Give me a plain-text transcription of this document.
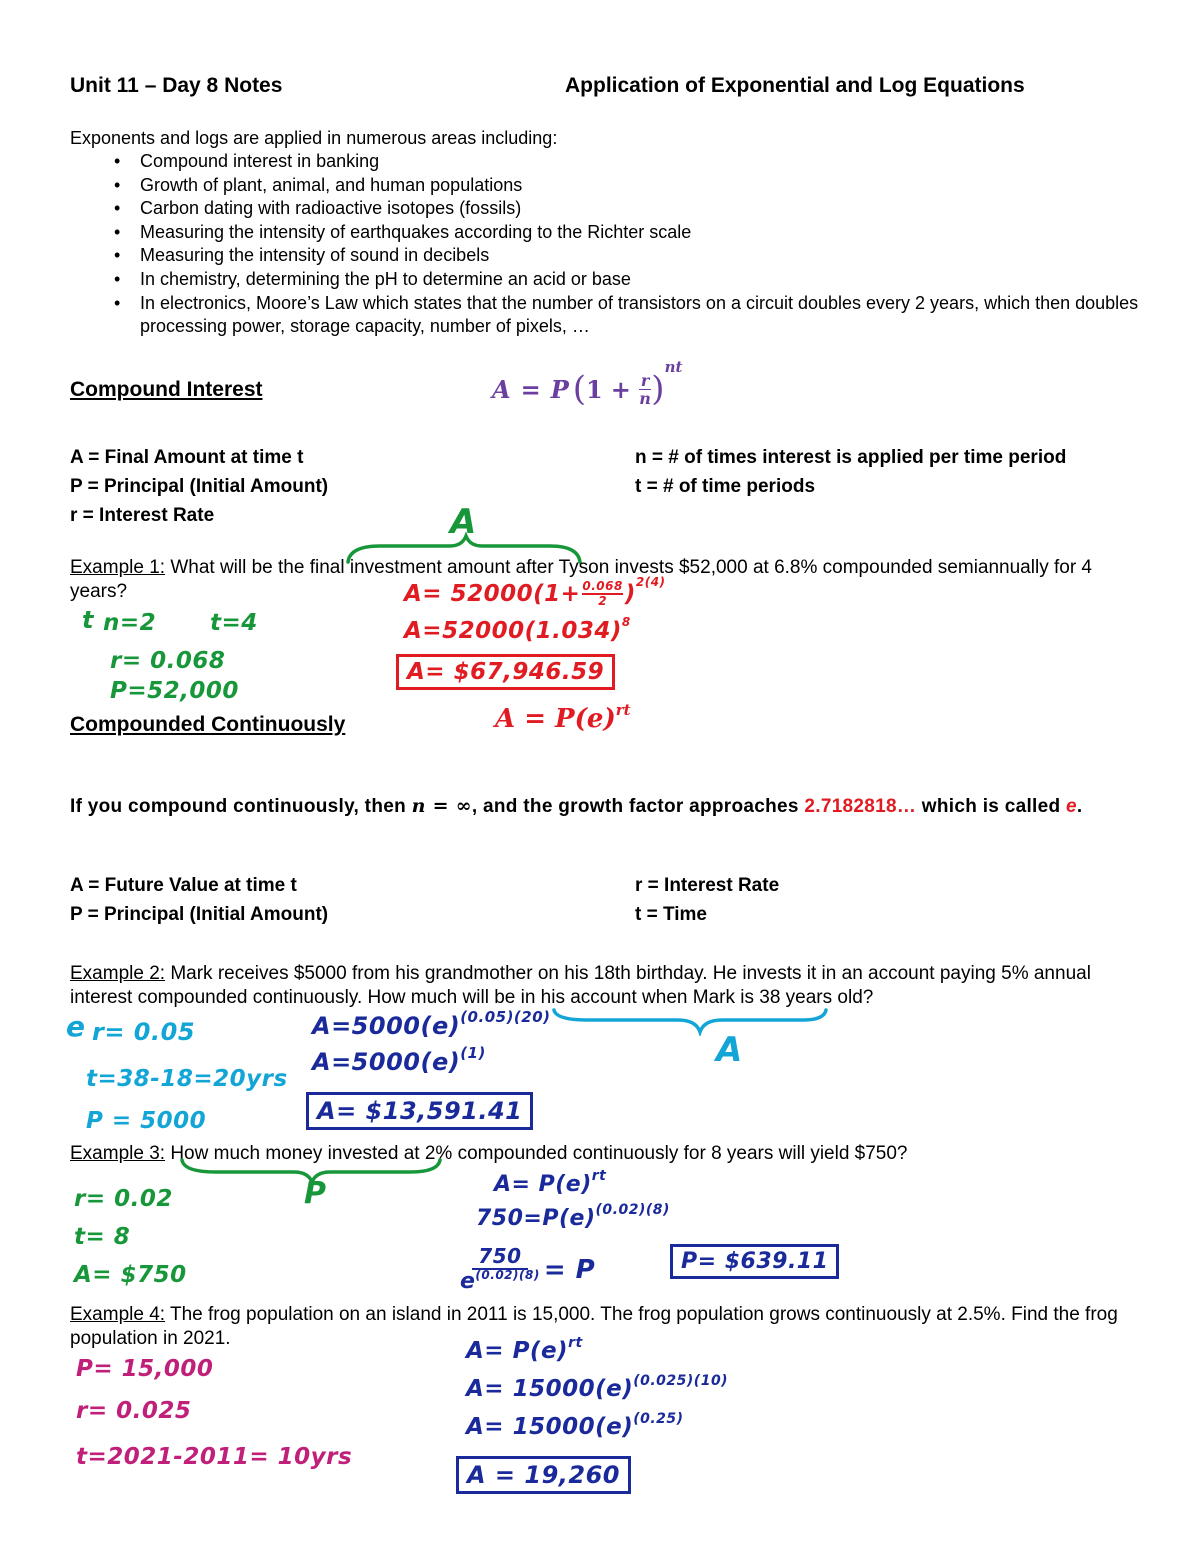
Unit 11 – Day 8 Notes	Application of Exponential and Log Equations
Exponents and logs are applied in numerous areas including:
• Compound interest in banking
• Growth of plant, animal, and human populations
• Carbon dating with radioactive isotopes (fossils)
• Measuring the intensity of earthquakes according to the Richter scale
• Measuring the intensity of sound in decibels
• In chemistry, determining the pH to determine an acid or base
• In electronics, Moore’s Law which states that the number of transistors on a circuit doubles every 2 years, which then doubles processing power, storage capacity, number of pixels, …
Compound Interest	A = P ( $1 + \frac{r}{n}$ )
nt
A = Final Amount at time t
P = Principal (Initial Amount)
r = Interest Rate
n = # of times interest is applied per time period
t = # of time periods
A
Example 1: What will be the final investment amount after Tyson invests $52,000 at 6.8% compounded semiannually for 4 years?
t n=2 t=4
r= 0.068
P=52,000
$A= 52000(1+ \frac{0.068}{2}$ ) 2(4)
$A=52000(1.034)^8$
A= $67,946.59
Compounded Continuously	$A = P(e)^{rt}$
If you compound continuously, then n = ∞, and the growth factor approaches 2.7182818… which is called e.
A = Future Value at time t
P = Principal (Initial Amount)
r = Interest Rate
t = Time
Example 2: Mark receives $5000 from his grandmother on his 18th birthday. He invests it in an account paying 5% annual interest compounded continuously. How much will be in his account when Mark is 38 years old?
A
e r= 0.05
t=38-18=20yrs
P = 5000
$A=5000(e)^{(0.05)(20)}$
$A=5000(e)^{(1)}$
A= $13,591.41
Example 3: How much money invested at 2% compounded continuously for 8 years will yield $750?
P
r= 0.02
t= 8
A= $750
$A= P(e)^{rt}$
$750=P(e)^{(0.02)(8)}$
$\frac{750}{e^{(0.02)(8)}} = P$	P= $639.11
Example 4: The frog population on an island in 2011 is 15,000. The frog population grows continuously at 2.5%. Find the frog population in 2021.
P= 15,000
r= 0.025
t=2021-2011= 10yrs
$A= P(e)^{rt}$
$A= 15000(e)^{(0.025)(10)}$
$A= 15000(e)^{(0.25)}$
A = 19,260
